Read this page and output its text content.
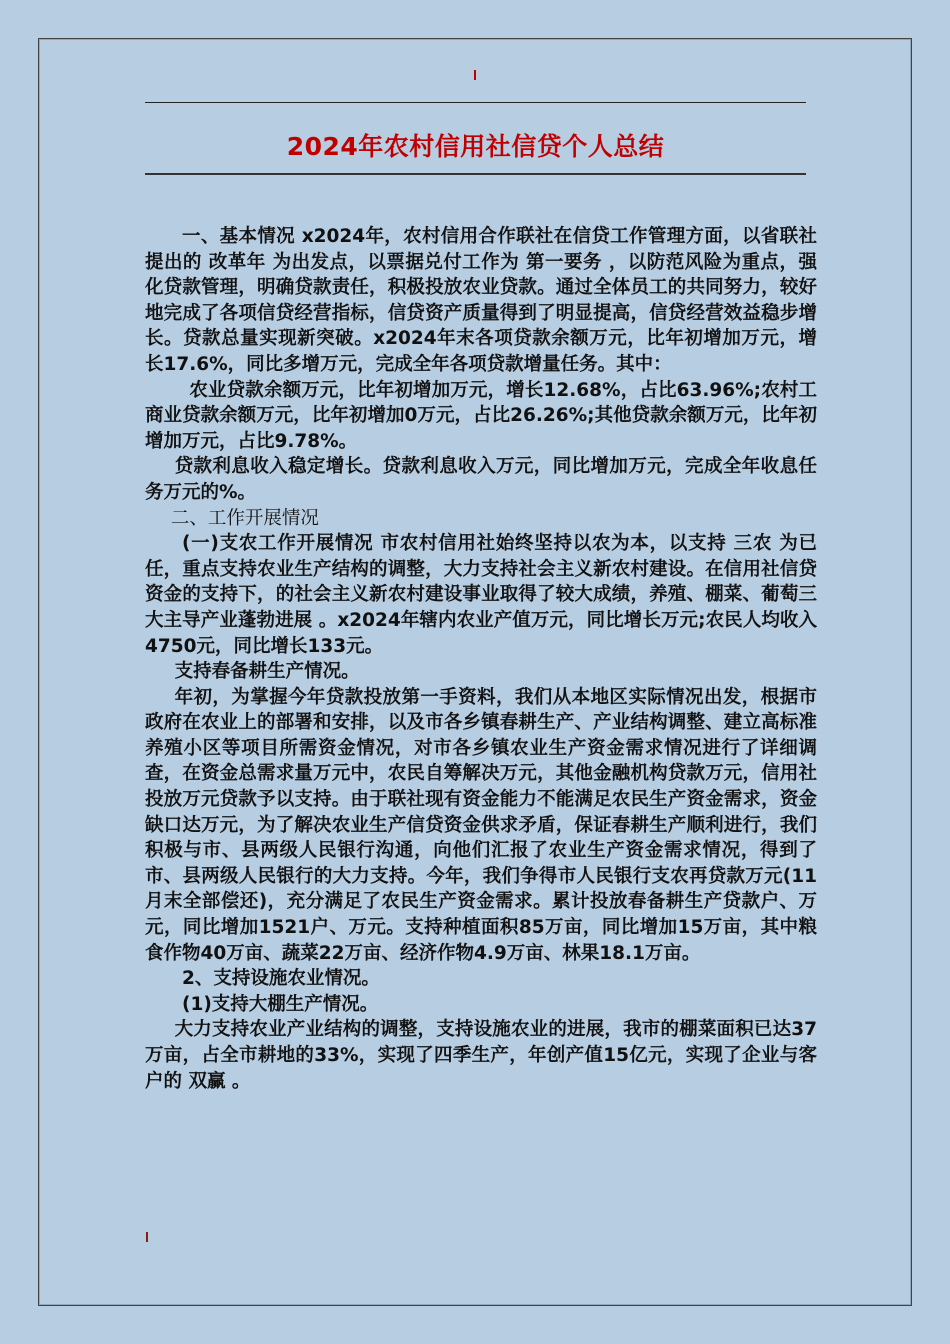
2024年农村信用社信贷个人总结

一、基本情况 x2024年，农村信用合作联社在信贷工作管理方面，以省联社提出的 改革年 为出发点，以票据兑付工作为 第一要务 ，以防范风险为重点，强化贷款管理，明确贷款责任，积极投放农业贷款。通过全体员工的共同努力，较好地完成了各项信贷经营指标，信贷资产质量得到了明显提高，信贷经营效益稳步增长。贷款总量实现新突破。x2024年末各项贷款余额万元，比年初增加万元，增长17.6%，同比多增万元，完成全年各项贷款增量任务。其中：

农业贷款余额万元，比年初增加万元，增长12.68%，占比63.96%;农村工商业贷款余额万元，比年初增加0万元，占比26.26%;其他贷款余额万元，比年初增加万元，占比9.78%。

贷款利息收入稳定增长。贷款利息收入万元，同比增加万元，完成全年收息任务万元的%。

二、工作开展情况

(一)支农工作开展情况 市农村信用社始终坚持以农为本，以支持 三农 为已任，重点支持农业生产结构的调整，大力支持社会主义新农村建设。在信用社信贷资金的支持下，的社会主义新农村建设事业取得了较大成绩，养殖、棚菜、葡萄三大主导产业蓬勃进展 。x2024年辖内农业产值万元，同比增长万元;农民人均收入4750元，同比增长133元。

支持春备耕生产情况。

年初，为掌握今年贷款投放第一手资料，我们从本地区实际情况出发，根据市政府在农业上的部署和安排，以及市各乡镇春耕生产、产业结构调整、建立高标准养殖小区等项目所需资金情况，对市各乡镇农业生产资金需求情况进行了详细调查，在资金总需求量万元中，农民自筹解决万元，其他金融机构贷款万元，信用社投放万元贷款予以支持。由于联社现有资金能力不能满足农民生产资金需求，资金缺口达万元，为了解决农业生产信贷资金供求矛盾，保证春耕生产顺利进行，我们积极与市、县两级人民银行沟通，向他们汇报了农业生产资金需求情况，得到了市、县两级人民银行的大力支持。今年，我们争得市人民银行支农再贷款万元(11月末全部偿还)，充分满足了农民生产资金需求。累计投放春备耕生产贷款户、万元，同比增加1521户、万元。支持种植面积85万亩，同比增加15万亩，其中粮食作物40万亩、蔬菜22万亩、经济作物4.9万亩、林果18.1万亩。

2、支持设施农业情况。

(1)支持大棚生产情况。

大力支持农业产业结构的调整，支持设施农业的进展，我市的棚菜面积已达37万亩，占全市耕地的33%，实现了四季生产，年创产值15亿元，实现了企业与客户的 双赢 。
